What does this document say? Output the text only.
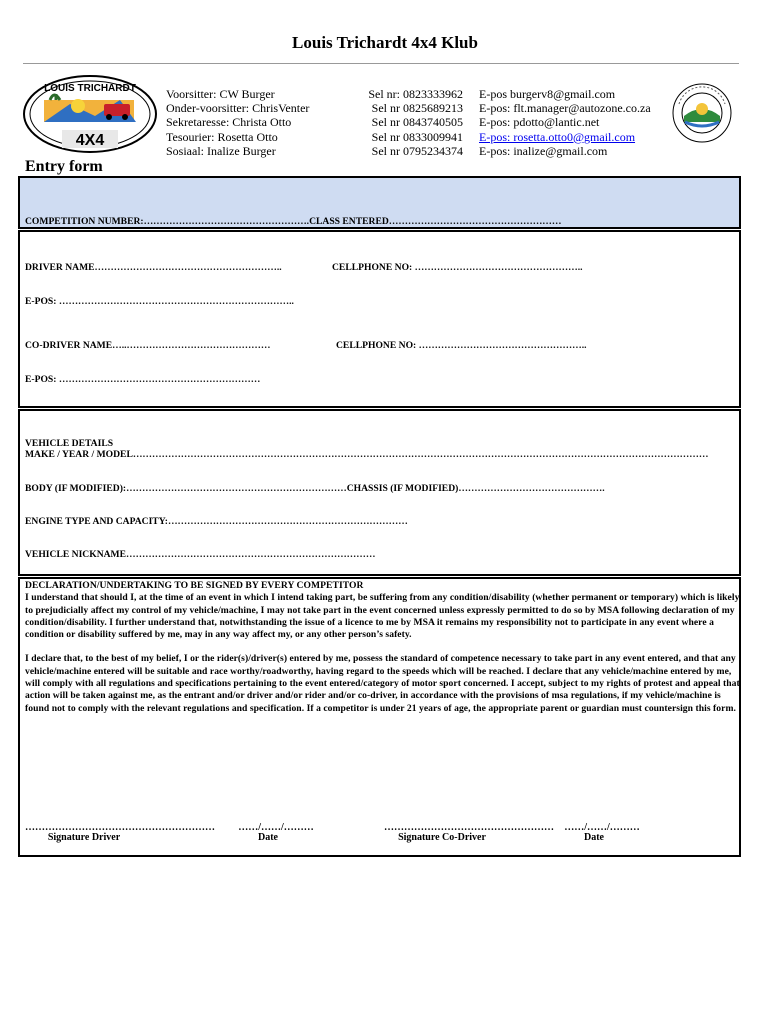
Louis Trichardt 4x4 Klub
LOUIS TRICHARDT
4X4
Voorsitter: CW Burger
Onder-voorsitter: ChrisVenter
Sekretaresse: Christa Otto
Tesourier: Rosetta Otto
Sosiaal: Inalize Burger
Sel nr: 0823333962
Sel nr 0825689213
Sel nr 0843740505
Sel nr 0833009941
Sel nr 0795234374
E-pos burgerv8@gmail.com
E-pos: flt.manager@autozone.co.za
E-pos: pdotto@lantic.net
E-pos: rosetta.otto0@gmail.com
E-pos: inalize@gmail.com
Entry form
COMPETITION NUMBER:…………………………………………….CLASS ENTERED………………………………………………
DRIVER NAME…………………………………………………..	CELLPHONE NO: ……………………………………………..
E-POS: ………………………………………………………………..
CO-DRIVER NAME…..………………………………………	CELLPHONE NO: ……………………………………………..
E-POS: ………………………………………………………
VEHICLE DETAILS
MAKE / YEAR / MODEL………………………………………………………………………………………………………………………………………………………………
BODY (IF MODIFIED):……………………………………………………………CHASSIS (IF MODIFIED)……………………………………….
ENGINE TYPE AND CAPACITY:…………………………………………………………………
VEHICLE NICKNAME……………………………………………………………………

DECLARATION/UNDERTAKING TO BE SIGNED BY EVERY COMPETITOR

I understand that should I, at the time of an event in which I intend taking part, be suffering from any condition/disability (whether permanent or temporary) which is likely to prejudicially affect my control of my vehicle/machine, I may not take part in the event concerned unless expressly permitted to do so by MSA following declaration of my condition/disability. I further understand that, notwithstanding the issue of a licence to me by MSA it remains my responsibility not to participate in any event where a condition or disability suffered by me, may in any way affect my, or any other person’s safety.

I declare that, to the best of my belief, I or the rider(s)/driver(s) entered by me, possess the standard of competence necessary to take part in any event entered, and that any vehicle/machine entered will be suitable and race worthy/roadworthy, having regard to the speeds which will be reached. I declare that any vehicle/machine entered by me, will comply with all regulations and specifications pertaining to the event entered/category of motor sport concerned. I accept, subject to my rights of protest and appeal that action will be taken against me, as the entrant and/or driver and/or rider and/or co-driver, in accordance with the provisions of msa regulations, if my vehicle/machine is found not to comply with the relevant regulations and specification. If a competitor is under 21 years of age, the appropriate parent or guardian must countersign this form.

…………………………………………………
Signature Driver
……/……/………
Date
……………………………………………
Signature Co-Driver
……/……/………
Date
